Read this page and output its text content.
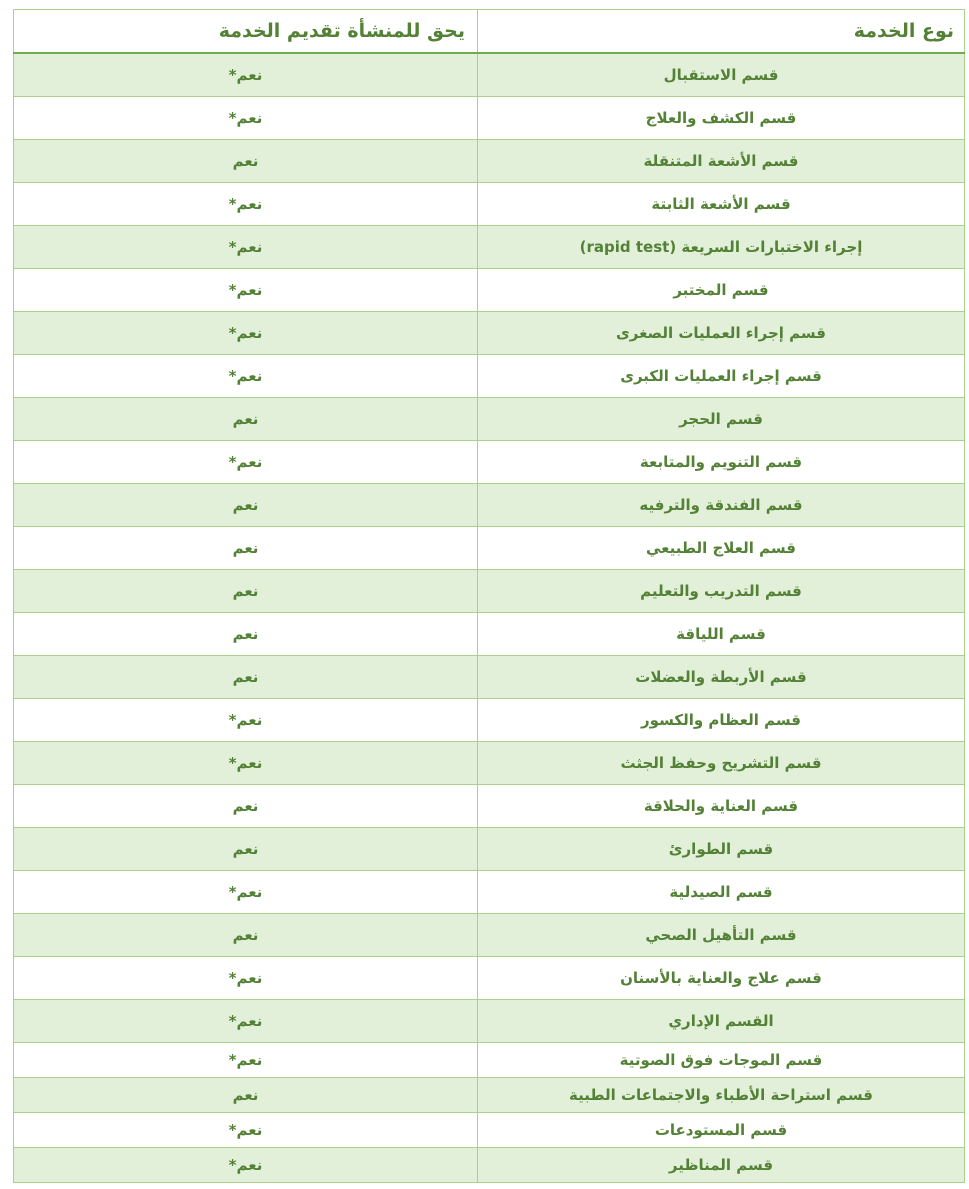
نوع الخدمة	يحق للمنشأة تقديم الخدمة
قسم الاستقبال	نعم*
قسم الكشف والعلاج	نعم*
قسم الأشعة المتنقلة	نعم
قسم الأشعة الثابتة	نعم*
إجراء الاختبارات السريعة (rapid test)	نعم*
قسم المختبر	نعم*
قسم إجراء العمليات الصغرى	نعم*
قسم إجراء العمليات الكبرى	نعم*
قسم الحجر	نعم
قسم التنويم والمتابعة	نعم*
قسم الفندقة والترفيه	نعم
قسم العلاج الطبيعي	نعم
قسم التدريب والتعليم	نعم
قسم اللياقة	نعم
قسم الأربطة والعضلات	نعم
قسم العظام والكسور	نعم*
قسم التشريح وحفظ الجثث	نعم*
قسم العناية والحلاقة	نعم
قسم الطوارئ	نعم
قسم الصيدلية	نعم*
قسم التأهيل الصحي	نعم
قسم علاج والعناية بالأسنان	نعم*
القسم الإداري	نعم*
قسم الموجات فوق الصوتية	نعم*
قسم استراحة الأطباء والاجتماعات الطبية	نعم
قسم المستودعات	نعم*
قسم المناظير	نعم*
